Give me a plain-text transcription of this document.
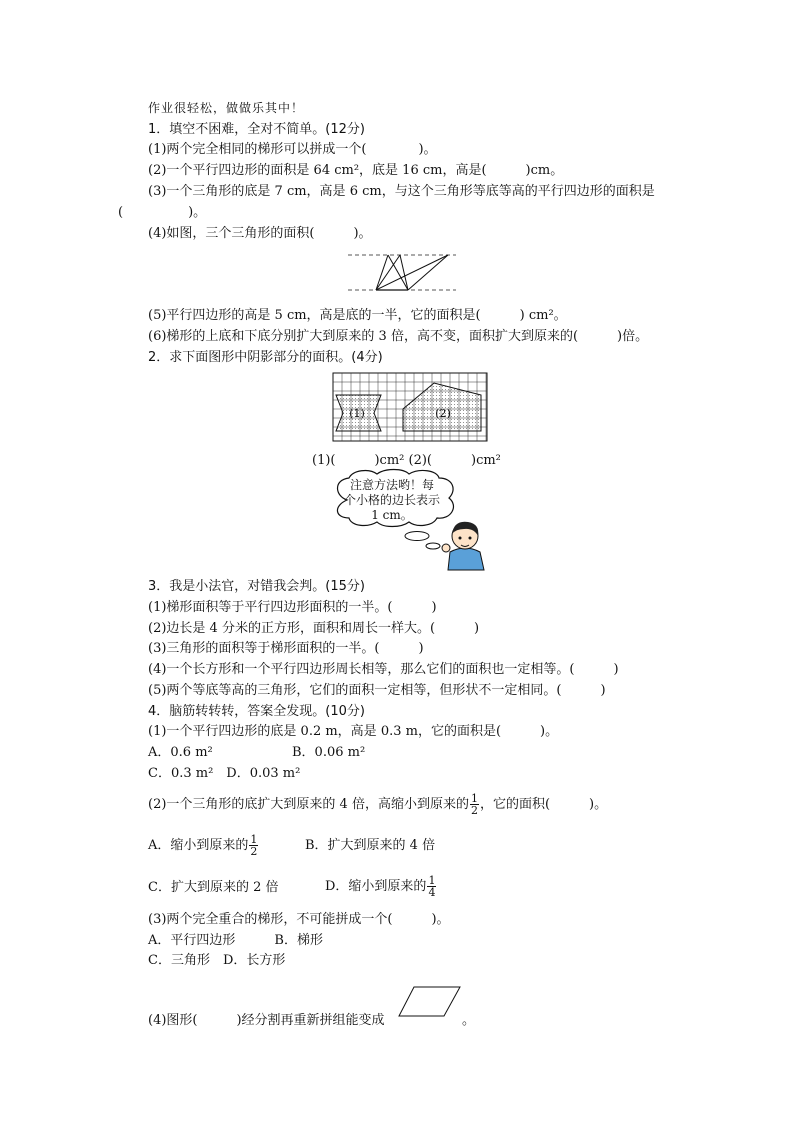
作业很轻松，做做乐其中！
1．填空不困难，全对不简单。(12分)
(1)两个完全相同的梯形可以拼成一个(　　　　)。
(2)一个平行四边形的面积是 64 cm²，底是 16 cm，高是(　　　)cm。
(3)一个三角形的底是 7 cm，高是 6 cm，与这个三角形等底等高的平行四边形的面积是
(　　　　　)。
(4)如图，三个三角形的面积(　　　)。
(5)平行四边形的高是 5 cm，高是底的一半，它的面积是(　　　) cm²。
(6)梯形的上底和下底分别扩大到原来的 3 倍，高不变，面积扩大到原来的(　　　)倍。
2．求下面图形中阴影部分的面积。(4分)
(1)	(2)
(1)(　　　)cm² (2)(　　　)cm²
注意方法哟！每
个小格的边长表示
1 cm。
3．我是小法官，对错我会判。(15分)
(1)梯形面积等于平行四边形面积的一半。(　　　)
(2)边长是 4 分米的正方形，面积和周长一样大。(　　　)
(3)三角形的面积等于梯形面积的一半。(　　　)
(4)一个长方形和一个平行四边形周长相等，那么它们的面积也一定相等。(　　　)
(5)两个等底等高的三角形，它们的面积一定相等，但形状不一定相同。(　　　)
4．脑筋转转转，答案全发现。(10分)
(1)一个平行四边形的底是 0.2 m，高是 0.3 m，它的面积是(　　　)。
A．0.6 m²	B．0.06 m²
C．0.3 m²　D．0.03 m²
(2)一个三角形的底扩大到原来的 4 倍，高缩小到原来的 $\frac{1}{2}$ ，它的面积(　　　)。
A．缩小到原来的 $\frac{1}{2}$	B．扩大到原来的 4 倍
C．扩大到原来的 2 倍	D．缩小到原来的 $\frac{1}{4}$
(3)两个完全重合的梯形，不可能拼成一个(　　　)。
A．平行四边形　　　B．梯形
C．三角形　D．长方形
(4)图形(　　　)经分割再重新拼组能变成	。
